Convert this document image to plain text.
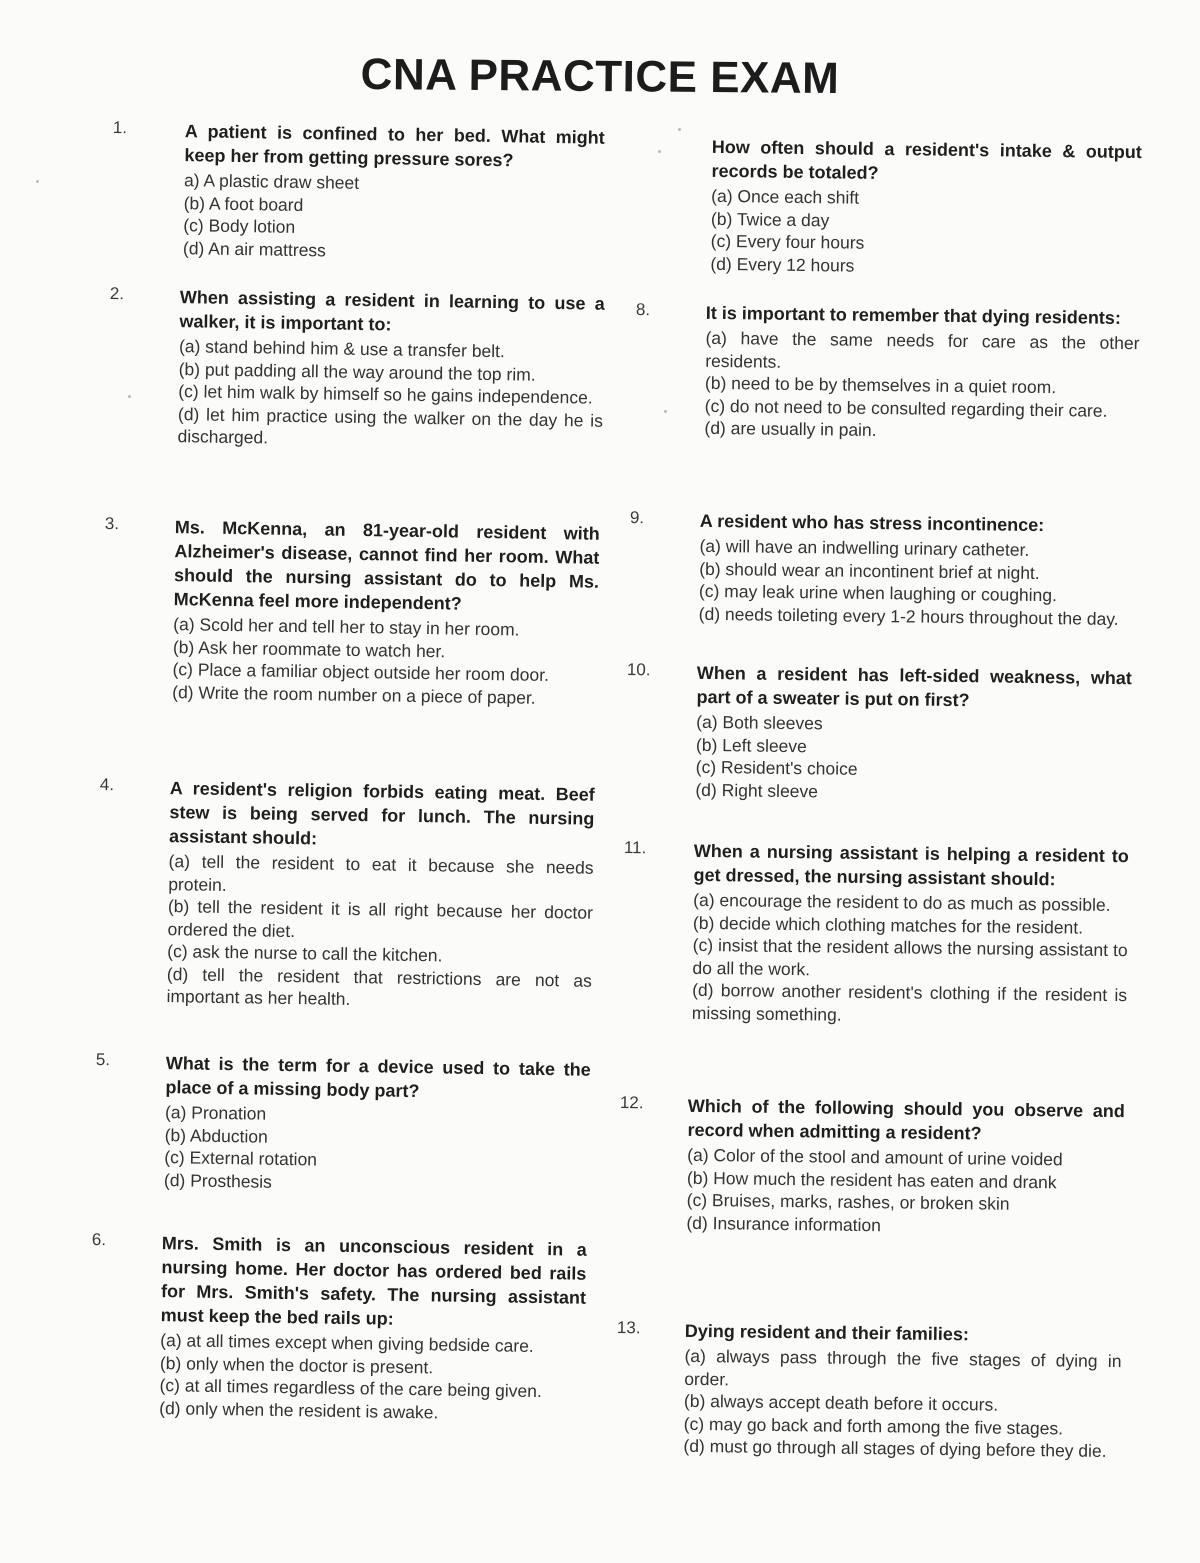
CNA PRACTICE EXAM
1.	A patient is confined to her bed. What might keep her from getting pressure sores?
a) A plastic draw sheet
(b) A foot board
(c) Body lotion
(d) An air mattress
2.	When assisting a resident in learning to use a walker, it is important to:
(a) stand behind him & use a transfer belt.
(b) put padding all the way around the top rim.
(c) let him walk by himself so he gains independence.
(d) let him practice using the walker on the day he is discharged.
3.	Ms. McKenna, an 81-year-old resident with Alzheimer's disease, cannot find her room. What should the nursing assistant do to help Ms. McKenna feel more independent?
(a) Scold her and tell her to stay in her room.
(b) Ask her roommate to watch her.
(c) Place a familiar object outside her room door.
(d) Write the room number on a piece of paper.
4.	A resident's religion forbids eating meat. Beef stew is being served for lunch. The nursing assistant should:
(a) tell the resident to eat it because she needs protein.
(b) tell the resident it is all right because her doctor ordered the diet.
(c) ask the nurse to call the kitchen.
(d) tell the resident that restrictions are not as important as her health.
5.	What is the term for a device used to take the place of a missing body part?
(a) Pronation
(b) Abduction
(c) External rotation
(d) Prosthesis
6.	Mrs. Smith is an unconscious resident in a nursing home. Her doctor has ordered bed rails for Mrs. Smith's safety. The nursing assistant must keep the bed rails up:
(a) at all times except when giving bedside care.
(b) only when the doctor is present.
(c) at all times regardless of the care being given.
(d) only when the resident is awake.
How often should a resident's intake & output records be totaled?
(a) Once each shift
(b) Twice a day
(c) Every four hours
(d) Every 12 hours
8.	It is important to remember that dying residents:
(a) have the same needs for care as the other residents.
(b) need to be by themselves in a quiet room.
(c) do not need to be consulted regarding their care.
(d) are usually in pain.
9.	A resident who has stress incontinence:
(a) will have an indwelling urinary catheter.
(b) should wear an incontinent brief at night.
(c) may leak urine when laughing or coughing.
(d) needs toileting every 1-2 hours throughout the day.
10.	When a resident has left-sided weakness, what part of a sweater is put on first?
(a) Both sleeves
(b) Left sleeve
(c) Resident's choice
(d) Right sleeve
11.	When a nursing assistant is helping a resident to get dressed, the nursing assistant should:
(a) encourage the resident to do as much as possible.
(b) decide which clothing matches for the resident.
(c) insist that the resident allows the nursing assistant to do all the work.
(d) borrow another resident's clothing if the resident is missing something.
12.	Which of the following should you observe and record when admitting a resident?
(a) Color of the stool and amount of urine voided
(b) How much the resident has eaten and drank
(c) Bruises, marks, rashes, or broken skin
(d) Insurance information
13.	Dying resident and their families:
(a) always pass through the five stages of dying in order.
(b) always accept death before it occurs.
(c) may go back and forth among the five stages.
(d) must go through all stages of dying before they die.
